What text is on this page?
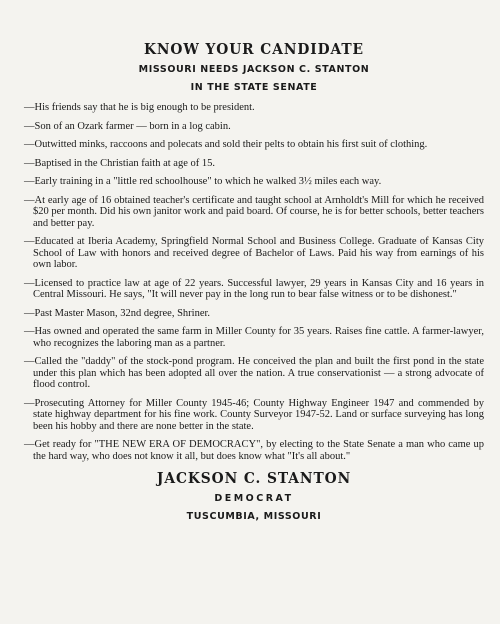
KNOW YOUR CANDIDATE
MISSOURI NEEDS JACKSON C. STANTON
IN THE STATE SENATE
—His friends say that he is big enough to be president.
—Son of an Ozark farmer — born in a log cabin.
—Outwitted minks, raccoons and polecats and sold their pelts to obtain his first suit of clothing.
—Baptised in the Christian faith at age of 15.
—Early training in a "little red schoolhouse" to which he walked 3½ miles each way.
—At early age of 16 obtained teacher's certificate and taught school at Arnholdt's Mill for which he received $20 per month. Did his own janitor work and paid board. Of course, he is for better schools, better teachers and better pay.
—Educated at Iberia Academy, Springfield Normal School and Business College. Graduate of Kansas City School of Law with honors and received degree of Bachelor of Laws. Paid his way from earnings of his own labor.
—Licensed to practice law at age of 22 years. Successful lawyer, 29 years in Kansas City and 16 years in Central Missouri. He says, "It will never pay in the long run to bear false witness or to be dishonest."
—Past Master Mason, 32nd degree, Shriner.
—Has owned and operated the same farm in Miller County for 35 years. Raises fine cattle. A farmer-lawyer, who recognizes the laboring man as a partner.
—Called the "daddy" of the stock-pond program. He conceived the plan and built the first pond in the state under this plan which has been adopted all over the nation. A true conservationist — a strong advocate of flood control.
—Prosecuting Attorney for Miller County 1945-46; County Highway Engineer 1947 and commended by state highway department for his fine work. County Surveyor 1947-52. Land or surface surveying has long been his hobby and there are none better in the state.
—Get ready for "THE NEW ERA OF DEMOCRACY", by electing to the State Senate a man who came up the hard way, who does not know it all, but does know what "It's all about."
JACKSON C. STANTON
DEMOCRAT
TUSCUMBIA, MISSOURI
